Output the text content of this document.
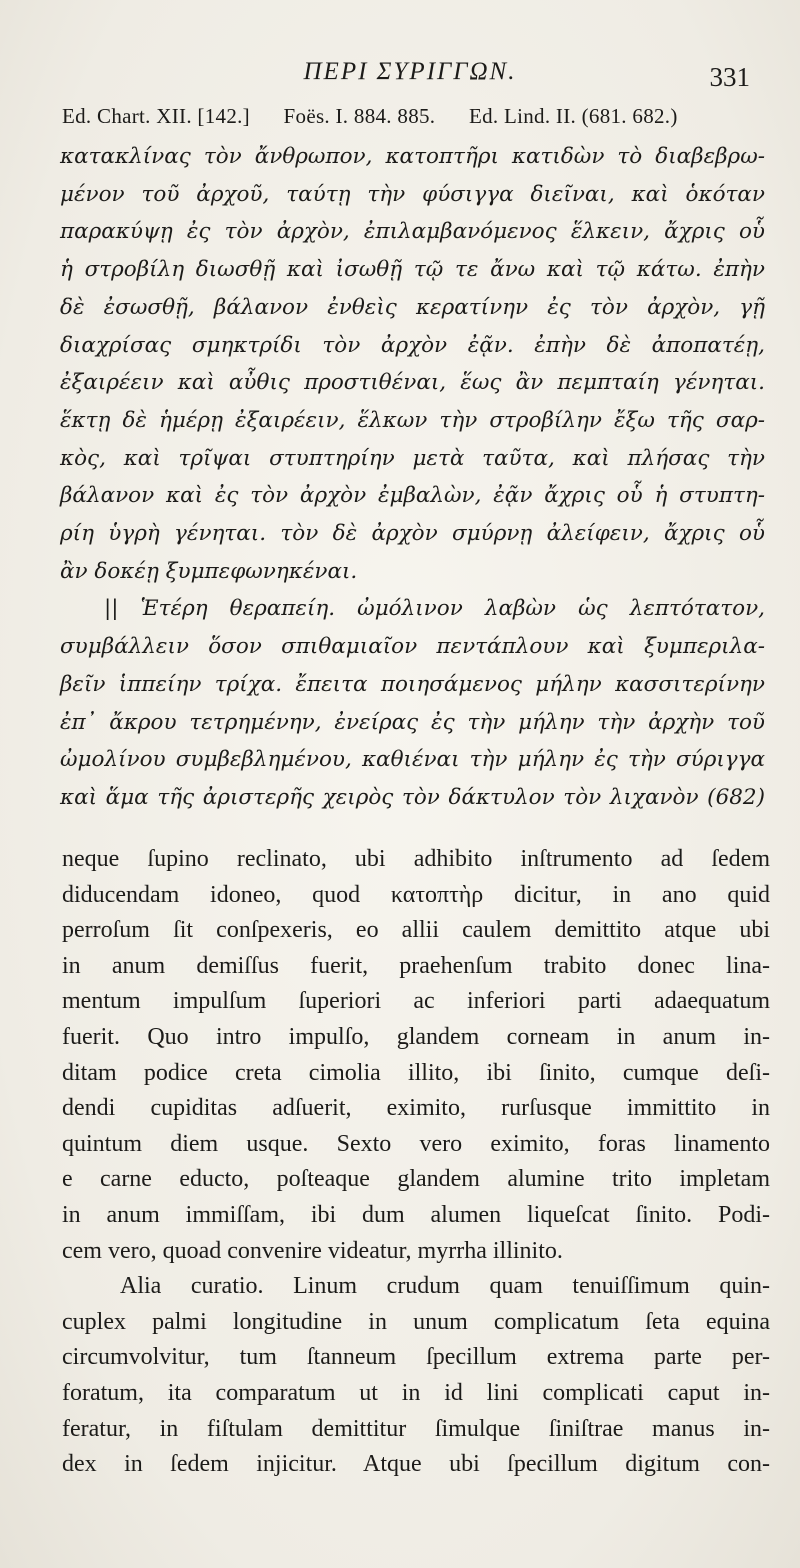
ΠΕΡΙ ΣΥΡΙΓΓΩΝ.	331
Ed. Chart. XII. [142.] Foës. I. 884. 885. Ed. Lind. II. (681. 682.)
κατακλίνας τὸν ἄνθρωπον, κατοπτῆρι κατιδὼν τὸ διαβεβρω-
μένον τοῦ ἀρχοῦ, ταύτῃ τὴν φύσιγγα διεῖναι, καὶ ὁκόταν
παρακύψῃ ἐς τὸν ἀρχὸν, ἐπιλαμβανόμενος ἕλκειν, ἄχρις οὗ
ἡ στροβίλη διωσθῇ καὶ ἰσωθῇ τῷ τε ἄνω καὶ τῷ κάτω. ἐπὴν
δὲ ἐσωσθῇ, βάλανον ἐνθεὶς κερατίνην ἐς τὸν ἀρχὸν, γῇ
διαχρίσας σμηκτρίδι τὸν ἀρχὸν ἐᾷν. ἐπὴν δὲ ἀποπατέῃ,
ἐξαιρέειν καὶ αὖθις προστιθέναι, ἕως ἂν πεμπταίη γένηται.
ἕκτῃ δὲ ἡμέρῃ ἐξαιρέειν, ἕλκων τὴν στροβίλην ἔξω τῆς σαρ-
κὸς, καὶ τρῖψαι στυπτηρίην μετὰ ταῦτα, καὶ πλήσας τὴν
βάλανον καὶ ἐς τὸν ἀρχὸν ἐμβαλὼν, ἐᾷν ἄχρις οὗ ἡ στυπτη-
ρίη ὑγρὴ γένηται. τὸν δὲ ἀρχὸν σμύρνῃ ἀλείφειν, ἄχρις οὗ
ἂν δοκέῃ ξυμπεφωνηκέναι.
|| Ἑτέρη θεραπείη. ὠμόλινον λαβὼν ὡς λεπτότατον,
συμβάλλειν ὅσον σπιθαμιαῖον πεντάπλουν καὶ ξυμπεριλα-
βεῖν ἱππείην τρίχα. ἔπειτα ποιησάμενος μήλην κασσιτερίνην
ἐπ᾽ ἄκρου τετρημένην, ἐνείρας ἐς τὴν μήλην τὴν ἀρχὴν τοῦ
ὠμολίνου συμβεβλημένου, καθιέναι τὴν μήλην ἐς τὴν σύριγγα
καὶ ἅμα τῆς ἀριστερῆς χειρὸς τὸν δάκτυλον τὸν λιχανὸν (682)
neque ſupino reclinato, ubi adhibito inſtrumento ad ſedem
diducendam idoneo, quod κατοπτὴρ dicitur, in ano quid
perroſum ſit conſpexeris, eo allii caulem demittito atque ubi
in anum demiſſus fuerit, praehenſum trabito donec lina-
mentum impulſum ſuperiori ac inferiori parti adaequatum
fuerit. Quo intro impulſo, glandem corneam in anum in-
ditam podice creta cimolia illito, ibi ſinito, cumque deſi-
dendi cupiditas adſuerit, eximito, rurſusque immittito in
quintum diem usque. Sexto vero eximito, foras linamento
e carne educto, poſteaque glandem alumine trito impletam
in anum immiſſam, ibi dum alumen liqueſcat ſinito. Podi-
cem vero, quoad convenire videatur, myrrha illinito.
Alia curatio. Linum crudum quam tenuiſſimum quin-
cuplex palmi longitudine in unum complicatum ſeta equina
circumvolvitur, tum ſtanneum ſpecillum extrema parte per-
foratum, ita comparatum ut in id lini complicati caput in-
feratur, in fiſtulam demittitur ſimulque ſiniſtrae manus in-
dex in ſedem injicitur. Atque ubi ſpecillum digitum con-
